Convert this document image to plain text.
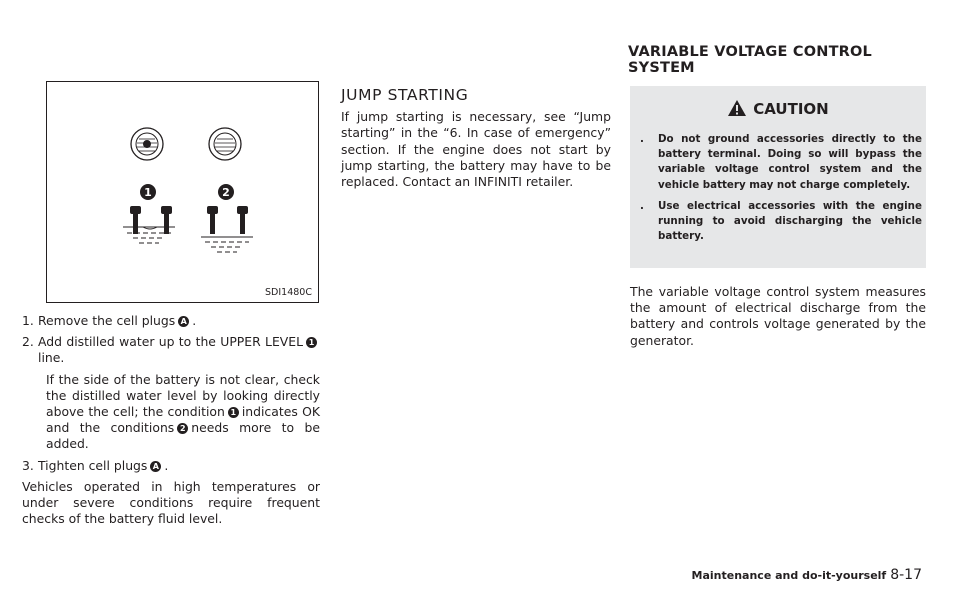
VARIABLE VOLTAGE CONTROL SYSTEM
1	2
SDI1480C
1. Remove the cell plugs A .
2. Add distilled water up to the UPPER LEVEL 1line.
If the side of the battery is not clear, check the distilled water level by looking directly above the cell; the condition 1 indicates OK and the conditions 2 needs more to be added.
3. Tighten cell plugs A .
Vehicles operated in high temperatures or under severe conditions require frequent checks of the battery fluid level.
JUMP STARTING
If jump starting is necessary, see “Jump starting” in the “6. In case of emergency” section. If the engine does not start by jump starting, the battery may have to be replaced. Contact an INFINITI retailer.
CAUTION
.	Do not ground accessories directly to the battery terminal. Doing so will bypass the variable voltage control system and the vehicle battery may not charge completely.
.	Use electrical accessories with the engine running to avoid discharging the vehicle battery.
The variable voltage control system measures the amount of electrical discharge from the battery and controls voltage generated by the generator.
Maintenance and do-it-yourself 8-17
